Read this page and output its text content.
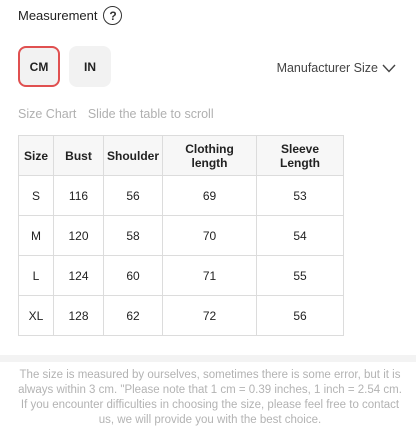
Measurement ?
CM	IN	Manufacturer Size
Size Chart Slide the table to scroll
Size	Bust	Shoulder	Clothing length	Sleeve Length
S	116	56	69	53
M	120	58	70	54
L	124	60	71	55
XL	128	62	72	56

The size is measured by ourselves, sometimes there is some error, but it is always within 3 cm. "Please note that 1 cm = 0.39 inches, 1 inch = 2.54 cm. If you encounter difficulties in choosing the size, please feel free to contact us, we will provide you with the best choice.
